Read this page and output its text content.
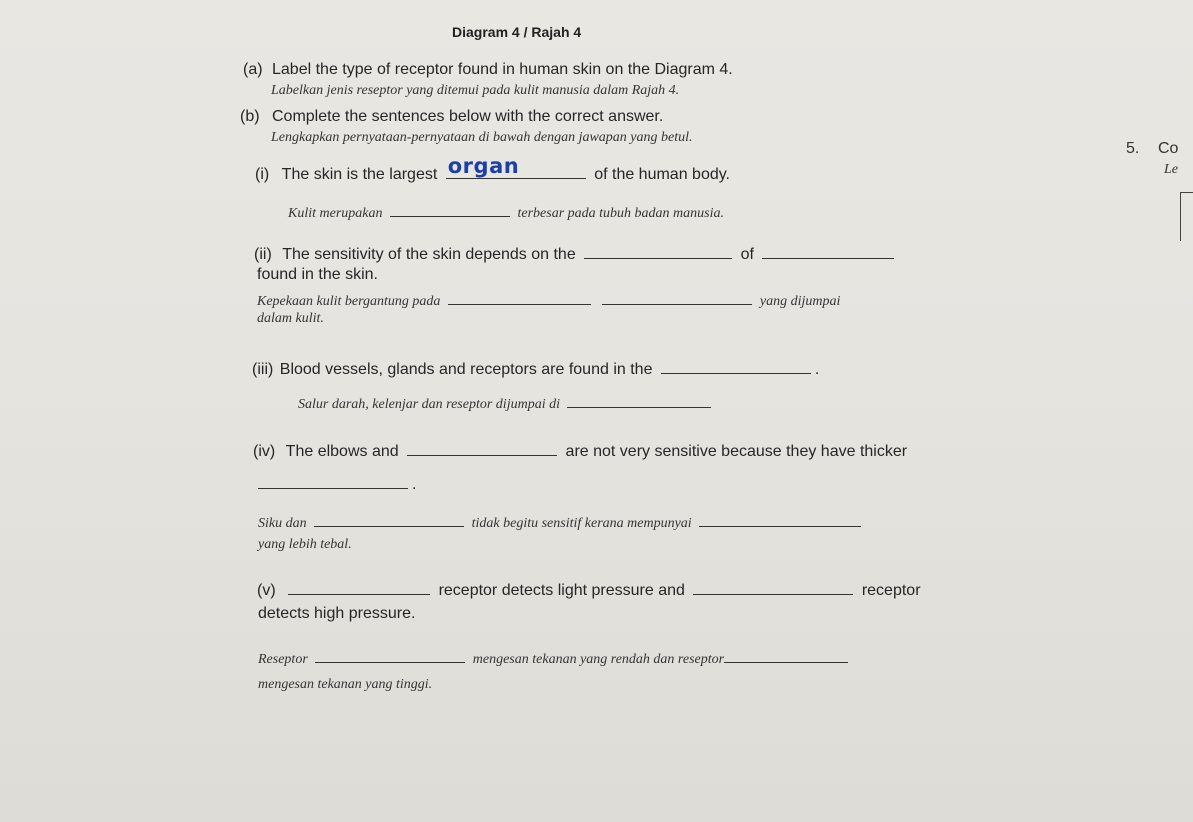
Diagram 4 / Rajah 4
(a) Label the type of receptor found in human skin on the Diagram 4.
Labelkan jenis reseptor yang ditemui pada kulit manusia dalam Rajah 4.
(b) Complete the sentences below with the correct answer.
Lengkapkan pernyataan-pernyataan di bawah dengan jawapan yang betul.
(i) The skin is the largest organ	of the human body.
Kulit merupakan	terbesar pada tubuh badan manusia.
(ii) The sensitivity of the skin depends on the	of
found in the skin.
Kepekaan kulit bergantung pada	yang dijumpai
dalam kulit.
(iii) Blood vessels, glands and receptors are found in the	.
Salur darah, kelenjar dan reseptor dijumpai di
(iv) The elbows and	are not very sensitive because they have thicker
.
Siku dan	tidak begitu sensitif kerana mempunyai
yang lebih tebal.
(v)	receptor detects light pressure and	receptor
detects high pressure.
Reseptor	mengesan tekanan yang rendah dan reseptor
mengesan tekanan yang tinggi.
5. Co
Le
